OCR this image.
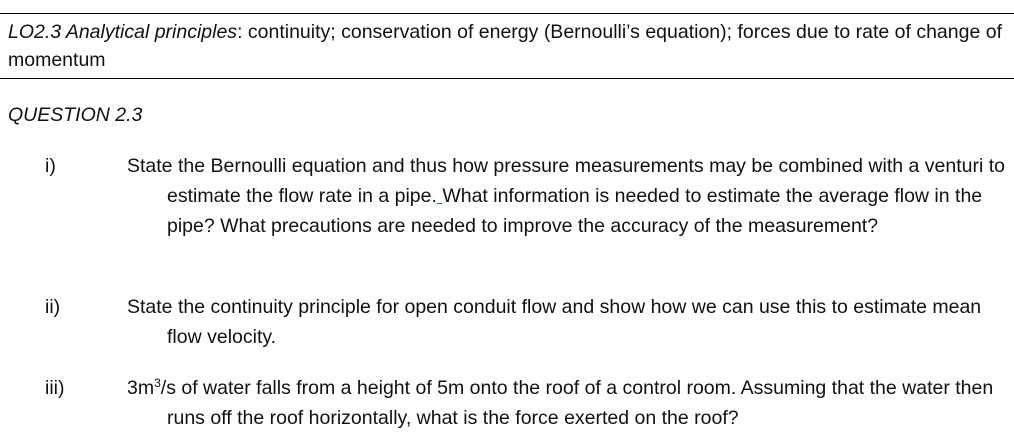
LO2.3 Analytical principles: continuity; conservation of energy (Bernoulli’s equation); forces due to rate of change of momentum
QUESTION 2.3
i)	State the Bernoulli equation and thus how pressure measurements may be combined with a venturi to estimate the flow rate in a pipe. What information is needed to estimate the average flow in the pipe? What precautions are needed to improve the accuracy of the measurement?
ii)	State the continuity principle for open conduit flow and show how we can use this to estimate mean flow velocity.
iii)	$3m^3/s$ of water falls from a height of 5m onto the roof of a control room. Assuming that the water then runs off the roof horizontally, what is the force exerted on the roof?
